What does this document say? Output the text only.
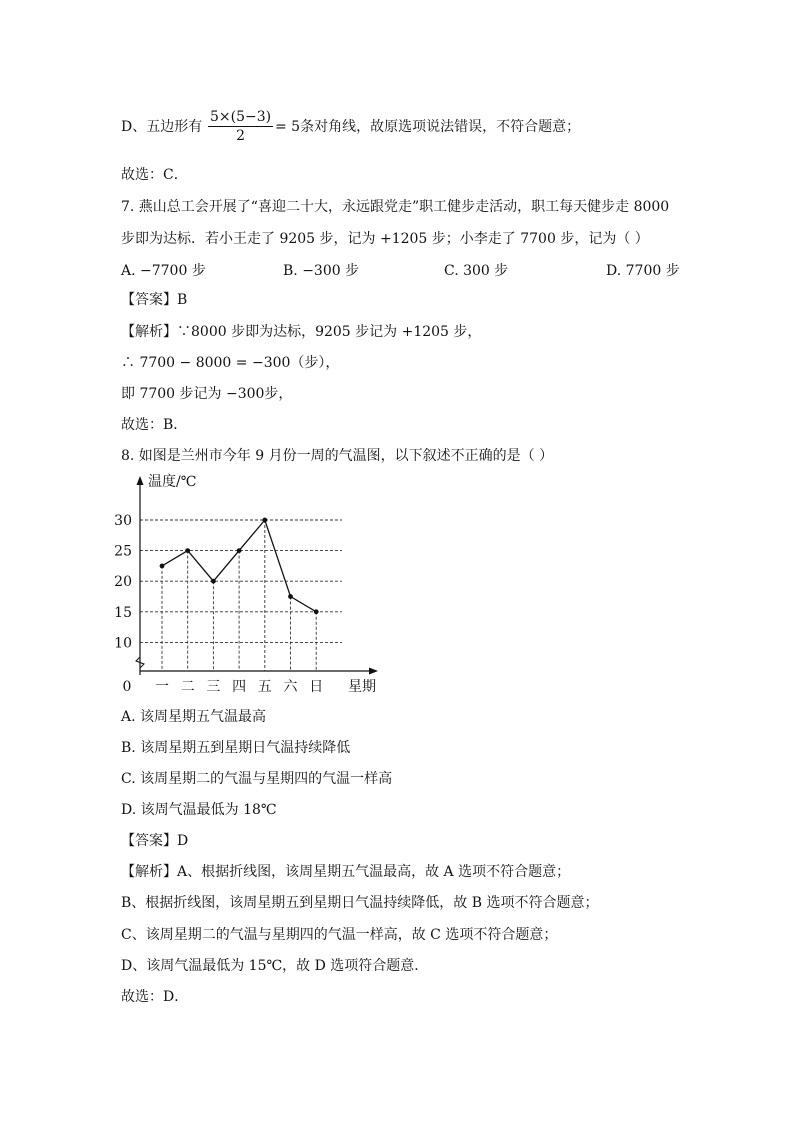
D、五边形有 $\frac{5\times(5-3)}{2} = 5$条对角线，故原选项说法错误，不符合题意；
故选：C．
7. 燕山总工会开展了“喜迎二十大，永远跟党走”职工健步走活动，职工每天健步走 8000
步即为达标．若小王走了 9205 步，记为 +1205 步；小李走了 7700 步，记为（ ）
A. −7700 步	B. −300 步	C. 300 步	D. 7700 步
【答案】B
【解析】∵8000 步即为达标，9205 步记为 +1205 步，
∴ 7700 − 8000 = −300（步），
即 7700 步记为 −300步，
故选：B．
8. 如图是兰州市今年 9 月份一周的气温图，以下叙述不正确的是（ ）
温度/℃
星期
0
10
15
20
25
30
一 二 三 四 五 六 日
A. 该周星期五气温最高
B. 该周星期五到星期日气温持续降低
C. 该周星期二的气温与星期四的气温一样高
D. 该周气温最低为 18℃
【答案】D
【解析】A、根据折线图，该周星期五气温最高，故 A 选项不符合题意；
B、根据折线图，该周星期五到星期日气温持续降低，故 B 选项不符合题意；
C、该周星期二的气温与星期四的气温一样高，故 C 选项不符合题意；
D、该周气温最低为 15℃，故 D 选项符合题意．
故选：D．
